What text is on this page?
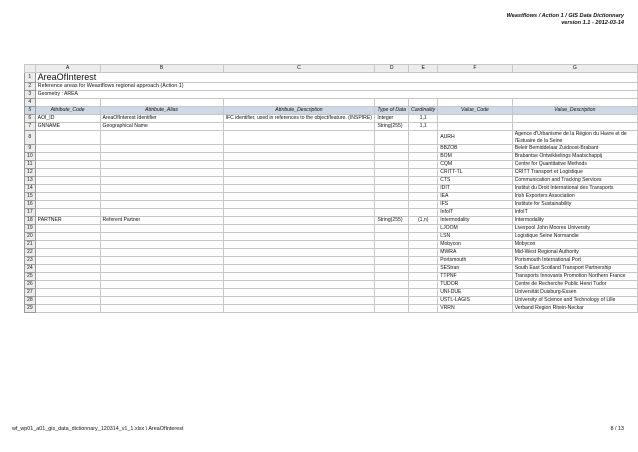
Weastflows / Action 1 / GIS Data Dictionnary
version 1.1 - 2012-03-14
	A	B	C	D	E	F	G
1	AreaOfInterest						
2	Reference areas for Weastflows regional approach (Action 1)						
3	Geometry : AREA						
4							
5	Attribute_Code	Attribute_Alias	Attribute_Description	Type of Data	Cardinality	Value_Code	Value_Description
6	AOI_ID	AreaOfInterest Identifier	IFC identifier, used in references to the object/feature. (INSPIRE)	Integer	1,1		
7	GNNAME	Geographical Name		String(255)	1,1		
8						AURH	Agence d'Urbanisme de la Région du Havre et de l'Estuaire de la Seine
9						BBZOB	Beleir Bemiddelaar Zuidoost-Brabant
10						BOM	Brabantse Ontwikkelings Maatschappij
11						CQM	Centre for Quantitative Methods
12						CRITT-TL	CRITT Transport et Logistique
13						CTS	Communication and Tracking Services
14						IDIT	Institut du Droit International des Transports
15						IEA	Irish Exporters Association
16						IFS	Institute for Sustainability
17						InfoIT	InfoIT
18	PARTNER	Referent Partner		String(255)	(1,n)	Intermodality	Intermodality
19						LJOOM	Liverpool John Moores University
20						LSN	Logistique Seine Normandie
21						Mobycon	Mobycon
22						MWRA	Mid-West Regional Authority
23						Portsmouth	Portsmouth International Port
24						SEStran	South East Scotland Transport Partnership
25						TTPNF	Transports Innovants Promotion Northern France
26						TUDOR	Centre de Recherche Public Henri Tudor
27						UNI-DUE	Universität Duisburg-Essen
28						USTL-LAGIS	University of Science and Technology of Lille
29						VRRN	Verband Region Rhein-Neckar
wf_wp01_a01_gis_data_dictionnary_120314_v1_1.xlsx \ AreaOfInterest	8 / 13
